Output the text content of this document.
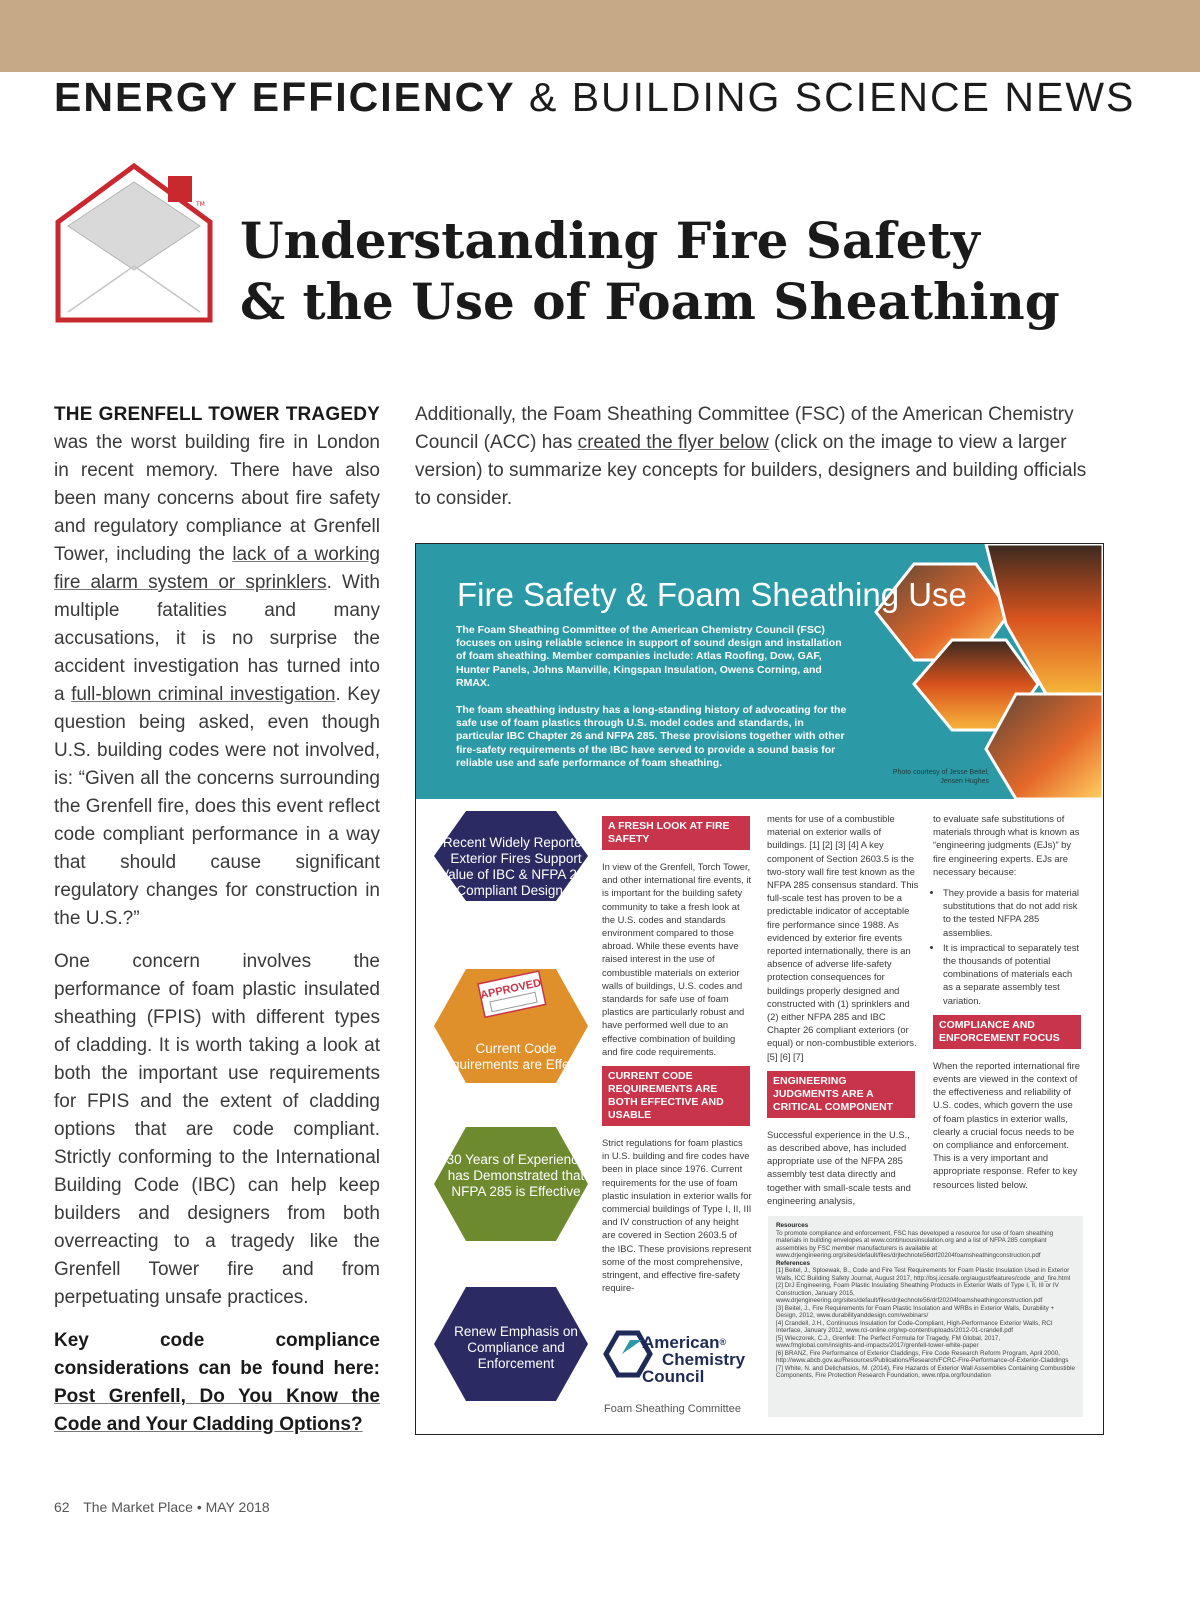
ENERGY EFFICIENCY & BUILDING SCIENCE NEWS
TM
Understanding Fire Safety
& the Use of Foam Sheathing

THE GRENFELL TOWER TRAGEDY was the worst building fire in London in recent memory. There have also been many concerns about fire safety and regulatory compliance at Grenfell Tower, including the lack of a working fire alarm system or sprinklers. With multiple fatalities and many accusations, it is no surprise the accident investigation has turned into a full-blown criminal investigation. Key question being asked, even though U.S. building codes were not involved, is: “Given all the concerns surrounding the Grenfell fire, does this event reflect code compliant performance in a way that should cause significant regulatory changes for construction in the U.S.?”

One concern involves the performance of foam plastic insulated sheathing (FPIS) with different types of cladding. It is worth taking a look at both the important use requirements for FPIS and the extent of cladding options that are code compliant. Strictly conforming to the International Building Code (IBC) can help keep builders and designers from both overreacting to a tragedy like the Grenfell Tower fire and from perpetuating unsafe practices.

Key code compliance considerations can be found here: Post Grenfell, Do You Know the Code and Your Cladding Options?

Additionally, the Foam Sheathing Committee (FSC) of the American Chemistry Council (ACC) has created the flyer below (click on the image to view a larger version) to summarize key concepts for builders, designers and building officials to consider.

Fire Safety & Foam Sheathing Use
The Foam Sheathing Committee of the American Chemistry Council (FSC) focuses on using reliable science in support of sound design and installation of foam sheathing. Member companies include: Atlas Roofing, Dow, GAF, Hunter Panels, Johns Manville, Kingspan Insulation, Owens Corning, and RMAX.
The foam sheathing industry has a long-standing history of advocating for the safe use of foam plastics through U.S. model codes and standards, in particular IBC Chapter 26 and NFPA 285. These provisions together with other fire-safety requirements of the IBC have served to provide a sound basis for reliable use and safe performance of foam sheathing.
Photo courtesy of Jesse Beitel, Jensen Hughes
APPROVED
Recent Widely Reported Exterior Fires Support Value of IBC & NFPA 285 Compliant Design & Installation
Current Code Requirements are Effective
30 Years of Experience has Demonstrated that NFPA 285 is Effective
Renew Emphasis on Compliance and Enforcement
A FRESH LOOK AT FIRE SAFETY

In view of the Grenfell, Torch Tower, and other international fire events, it is important for the building safety community to take a fresh look at the U.S. codes and standards environment compared to those abroad. While these events have raised interest in the use of combustible materials on exterior walls of buildings, U.S. codes and standards for safe use of foam plastics are particularly robust and have performed well due to an effective combination of building and fire code requirements.

CURRENT CODE REQUIREMENTS ARE BOTH EFFECTIVE AND USABLE

Strict regulations for foam plastics in U.S. building and fire codes have been in place since 1976. Current requirements for the use of foam plastic insulation in exterior walls for commercial buildings of Type I, II, III and IV construction of any height are covered in Section 2603.5 of the IBC. These provisions represent some of the most comprehensive, stringent, and effective fire-safety require-

ments for use of a combustible material on exterior walls of buildings. [1] [2] [3] [4] A key component of Section 2603.5 is the two-story wall fire test known as the NFPA 285 consensus standard. This full-scale test has proven to be a predictable indicator of acceptable fire performance since 1988. As evidenced by exterior fire events reported internationally, there is an absence of adverse life-safety protection consequences for buildings properly designed and constructed with (1) sprinklers and (2) either NFPA 285 and IBC Chapter 26 compliant exteriors (or equal) or non-combustible exteriors. [5] [6] [7]

ENGINEERING JUDGMENTS ARE A CRITICAL COMPONENT

Successful experience in the U.S., as described above, has included appropriate use of the NFPA 285 assembly test data directly and together with small-scale tests and engineering analysis,

to evaluate safe substitutions of materials through what is known as “engineering judgments (EJs)” by fire engineering experts. EJs are necessary because:

• They provide a basis for material substitutions that do not add risk to the tested NFPA 285 assemblies.
• It is impractical to separately test the thousands of potential combinations of materials each as a separate assembly test variation.
COMPLIANCE AND ENFORCEMENT FOCUS

When the reported international fire events are viewed in the context of the effectiveness and reliability of U.S. codes, which govern the use of foam plastics in exterior walls, clearly a crucial focus needs to be on compliance and enforcement. This is a very important and appropriate response. Refer to key resources listed below.

Resources

To promote compliance and enforcement, FSC has developed a resource for use of foam sheathing materials in building envelopes at www.continuousinsulation.org and a list of NFPA 285 compliant assemblies by FSC member manufacturers is available at www.drjengineering.org/sites/default/files/drjtechnote56drf20204foamsheathingconstruction.pdf

References

[1] Beitel, J., Sploewak, B., Code and Fire Test Requirements for Foam Plastic Insulation Used in Exterior Walls, ICC Building Safety Journal, August 2017, http://bsj.iccsafe.org/august/features/code_and_fire.html

[2] DrJ Engineering, Foam Plastic Insulating Sheathing Products in Exterior Walls of Type I, II, III or IV Construction, January 2015, www.drjengineering.org/sites/default/files/drjtechnote56/drf20204foamsheathingconstruction.pdf

[3] Beitel, J., Fire Requirements for Foam Plastic Insulation and WRBs in Exterior Walls, Durability + Design, 2012, www.durabilityanddesign.com/webinars/

[4] Crandell, J.H., Continuous Insulation for Code-Compliant, High-Performance Exterior Walls, RCI Interface, January 2012, www.rci-online.org/wp-content/uploads/2012-01-crandell.pdf

[5] Wieczorek, C.J., Grenfell: The Perfect Formula for Tragedy, FM Global, 2017, www.fmglobal.com/insights-and-impacts/2017/grenfell-tower-white-paper

[6] BRANZ, Fire Performance of Exterior Claddings, Fire Code Research Reform Program, April 2000, http://www.abcb.gov.au/Resources/Publications/Research/FCRC-Fire-Performance-of-Exterior-Claddings

[7] White, N. and Delichatsios, M. (2014), Fire Hazards of Exterior Wall Assemblies Containing Combustible Components, Fire Protection Research Foundation, www.nfpa.org/foundation

American®
Chemistry
Council
Foam Sheathing Committee
62 The Market Place • MAY 2018
